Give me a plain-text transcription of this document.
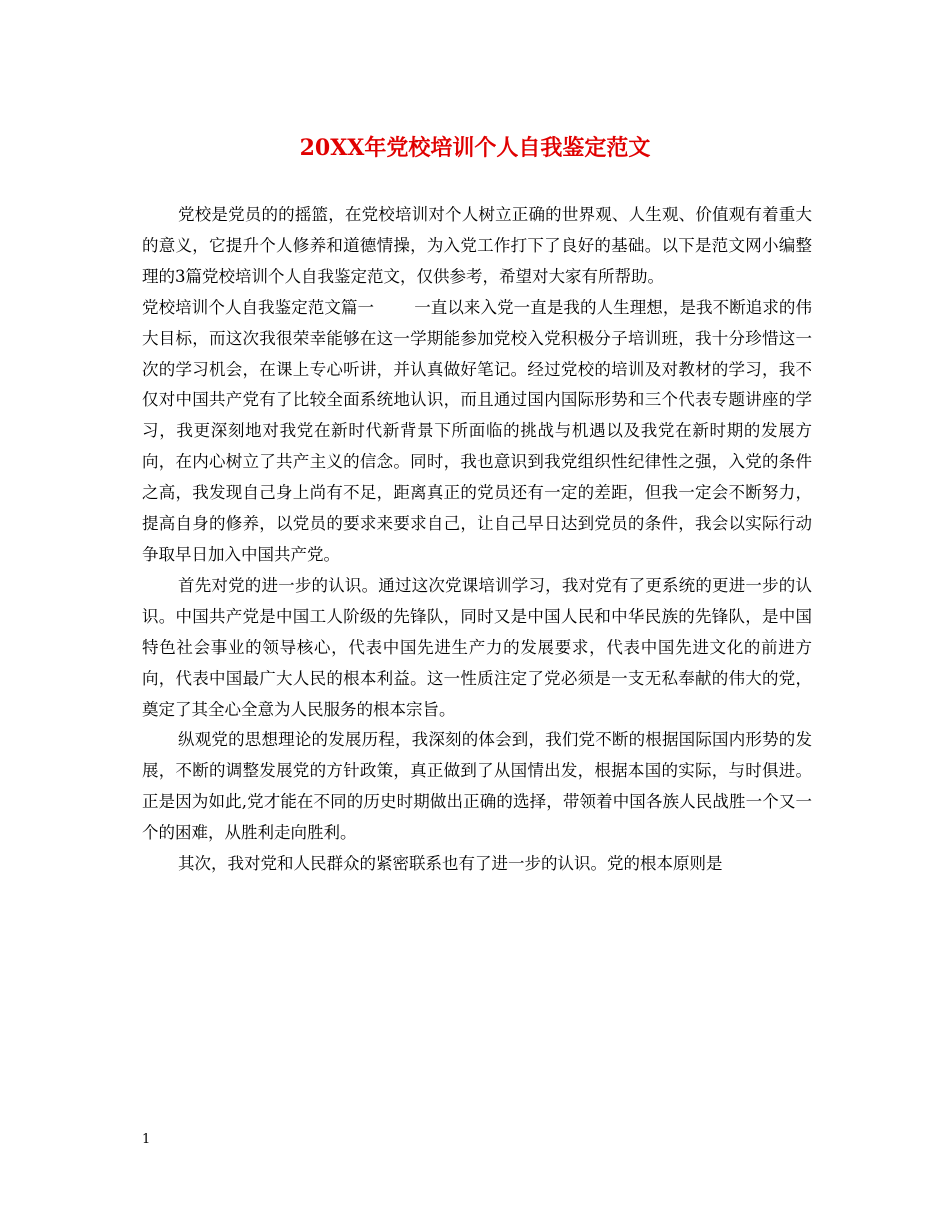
20XX年党校培训个人自我鉴定范文

党校是党员的的摇篮，在党校培训对个人树立正确的世界观、人生观、价值观有着重大的意义，它提升个人修养和道德情操，为入党工作打下了良好的基础。以下是范文网小编整理的3篇党校培训个人自我鉴定范文，仅供参考，希望对大家有所帮助。

党校培训个人自我鉴定范文篇一 一直以来入党一直是我的人生理想，是我不断追求的伟大目标，而这次我很荣幸能够在这一学期能参加党校入党积极分子培训班，我十分珍惜这一次的学习机会，在课上专心听讲，并认真做好笔记。经过党校的培训及对教材的学习，我不仅对中国共产党有了比较全面系统地认识，而且通过国内国际形势和三个代表专题讲座的学习，我更深刻地对我党在新时代新背景下所面临的挑战与机遇以及我党在新时期的发展方向，在内心树立了共产主义的信念。同时，我也意识到我党组织性纪律性之强，入党的条件之高，我发现自己身上尚有不足，距离真正的党员还有一定的差距，但我一定会不断努力，提高自身的修养，以党员的要求来要求自己，让自己早日达到党员的条件，我会以实际行动争取早日加入中国共产党。

首先对党的进一步的认识。通过这次党课培训学习，我对党有了更系统的更进一步的认识。中国共产党是中国工人阶级的先锋队，同时又是中国人民和中华民族的先锋队，是中国特色社会事业的领导核心，代表中国先进生产力的发展要求，代表中国先进文化的前进方向，代表中国最广大人民的根本利益。这一性质注定了党必须是一支无私奉献的伟大的党，奠定了其全心全意为人民服务的根本宗旨。

纵观党的思想理论的发展历程，我深刻的体会到，我们党不断的根据国际国内形势的发展，不断的调整发展党的方针政策，真正做到了从国情出发，根据本国的实际，与时俱进。正是因为如此,党才能在不同的历史时期做出正确的选择，带领着中国各族人民战胜一个又一个的困难，从胜利走向胜利。

其次，我对党和人民群众的紧密联系也有了进一步的认识。党的根本原则是

1
